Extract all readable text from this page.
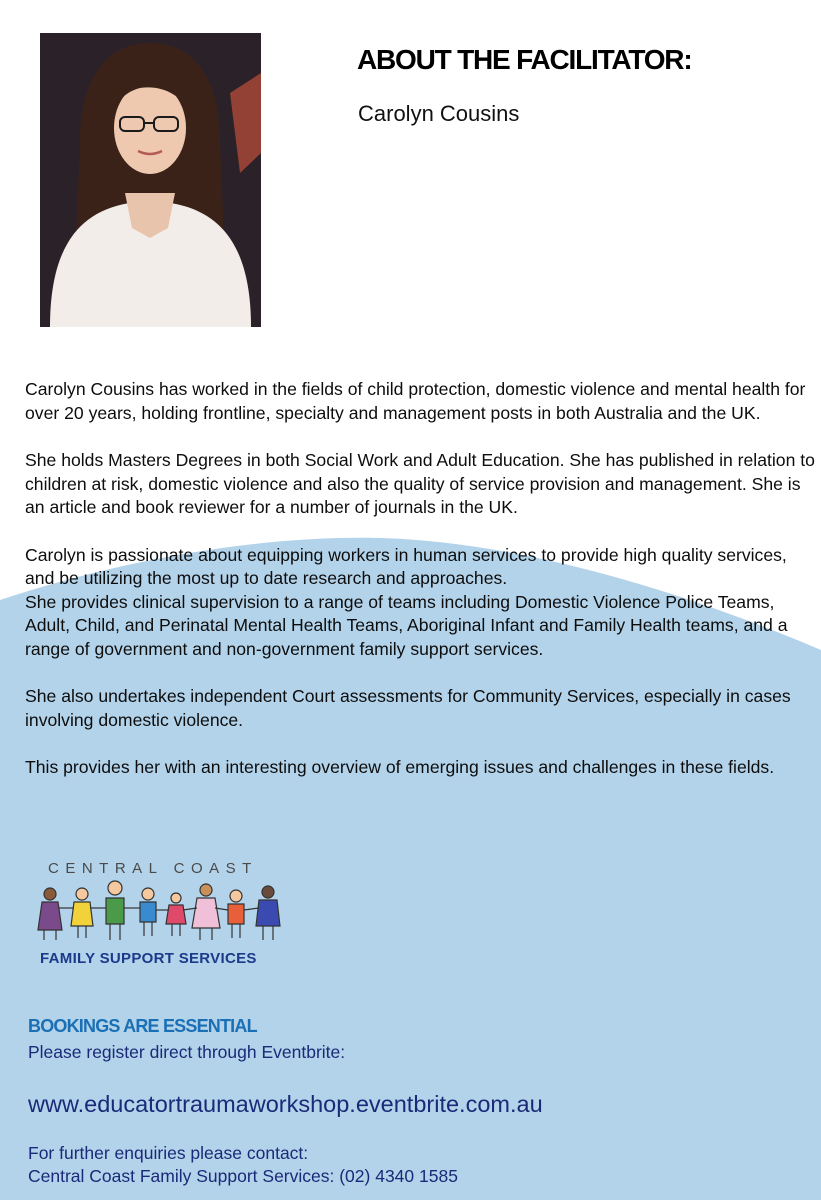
ABOUT THE FACILITATOR:
Carolyn Cousins

Carolyn Cousins has worked in the fields of child protection, domestic violence and mental health for over 20 years, holding frontline, specialty and management posts in both Australia and the UK.

She holds Masters Degrees in both Social Work and Adult Education. She has published in relation to children at risk, domestic violence and also the quality of service provision and management. She is an article and book reviewer for a number of journals in the UK.

Carolyn is passionate about equipping workers in human services to provide high quality services, and be utilizing the most up to date research and approaches.

She provides clinical supervision to a range of teams including Domestic Violence Police Teams, Adult, Child, and Perinatal Mental Health Teams, Aboriginal Infant and Family Health teams, and a range of government and non-government family support services.

She also undertakes independent Court assessments for Community Services, especially in cases involving domestic violence.

This provides her with an interesting overview of emerging issues and challenges in these fields.

CENTRAL COAST
FAMILY SUPPORT SERVICES
BOOKINGS ARE ESSENTIAL
Please register direct through Eventbrite:
www.educatortraumaworkshop.eventbrite.com.au
For further enquiries please contact:
Central Coast Family Support Services: (02) 4340 1585
